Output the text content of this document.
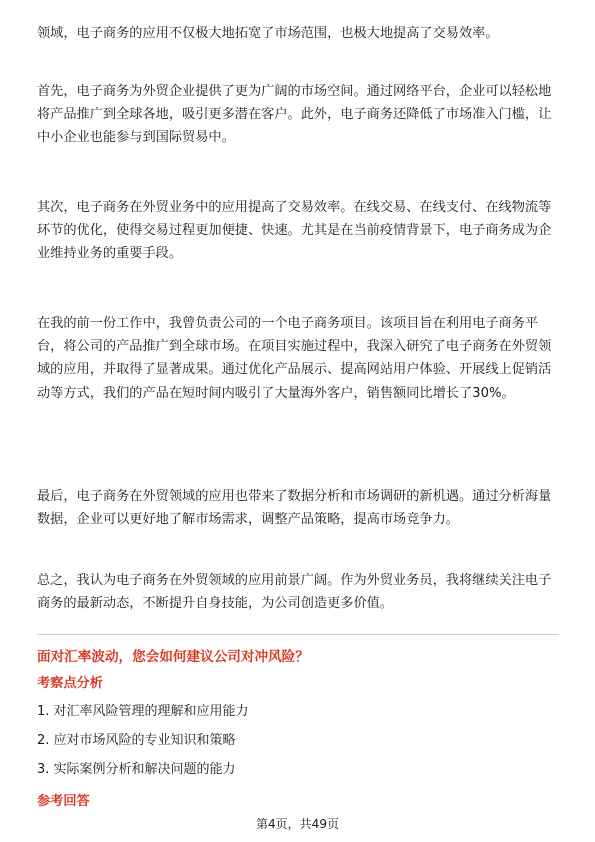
领域，电子商务的应用不仅极大地拓宽了市场范围，也极大地提高了交易效率。

首先，电子商务为外贸企业提供了更为广阔的市场空间。通过网络平台，企业可以轻松地将产品推广到全球各地，吸引更多潜在客户。此外，电子商务还降低了市场准入门槛，让中小企业也能参与到国际贸易中。

其次，电子商务在外贸业务中的应用提高了交易效率。在线交易、在线支付、在线物流等环节的优化，使得交易过程更加便捷、快速。尤其是在当前疫情背景下，电子商务成为企业维持业务的重要手段。

在我的前一份工作中，我曾负责公司的一个电子商务项目。该项目旨在利用电子商务平台，将公司的产品推广到全球市场。在项目实施过程中，我深入研究了电子商务在外贸领域的应用，并取得了显著成果。通过优化产品展示、提高网站用户体验、开展线上促销活动等方式，我们的产品在短时间内吸引了大量海外客户，销售额同比增长了30%。

最后，电子商务在外贸领域的应用也带来了数据分析和市场调研的新机遇。通过分析海量数据，企业可以更好地了解市场需求，调整产品策略，提高市场竞争力。

总之，我认为电子商务在外贸领域的应用前景广阔。作为外贸业务员，我将继续关注电子商务的最新动态，不断提升自身技能，为公司创造更多价值。

面对汇率波动，您会如何建议公司对冲风险？
考察点分析
1. 对汇率风险管理的理解和应用能力
2. 应对市场风险的专业知识和策略
3. 实际案例分析和解决问题的能力
参考回答
第4页，共49页
